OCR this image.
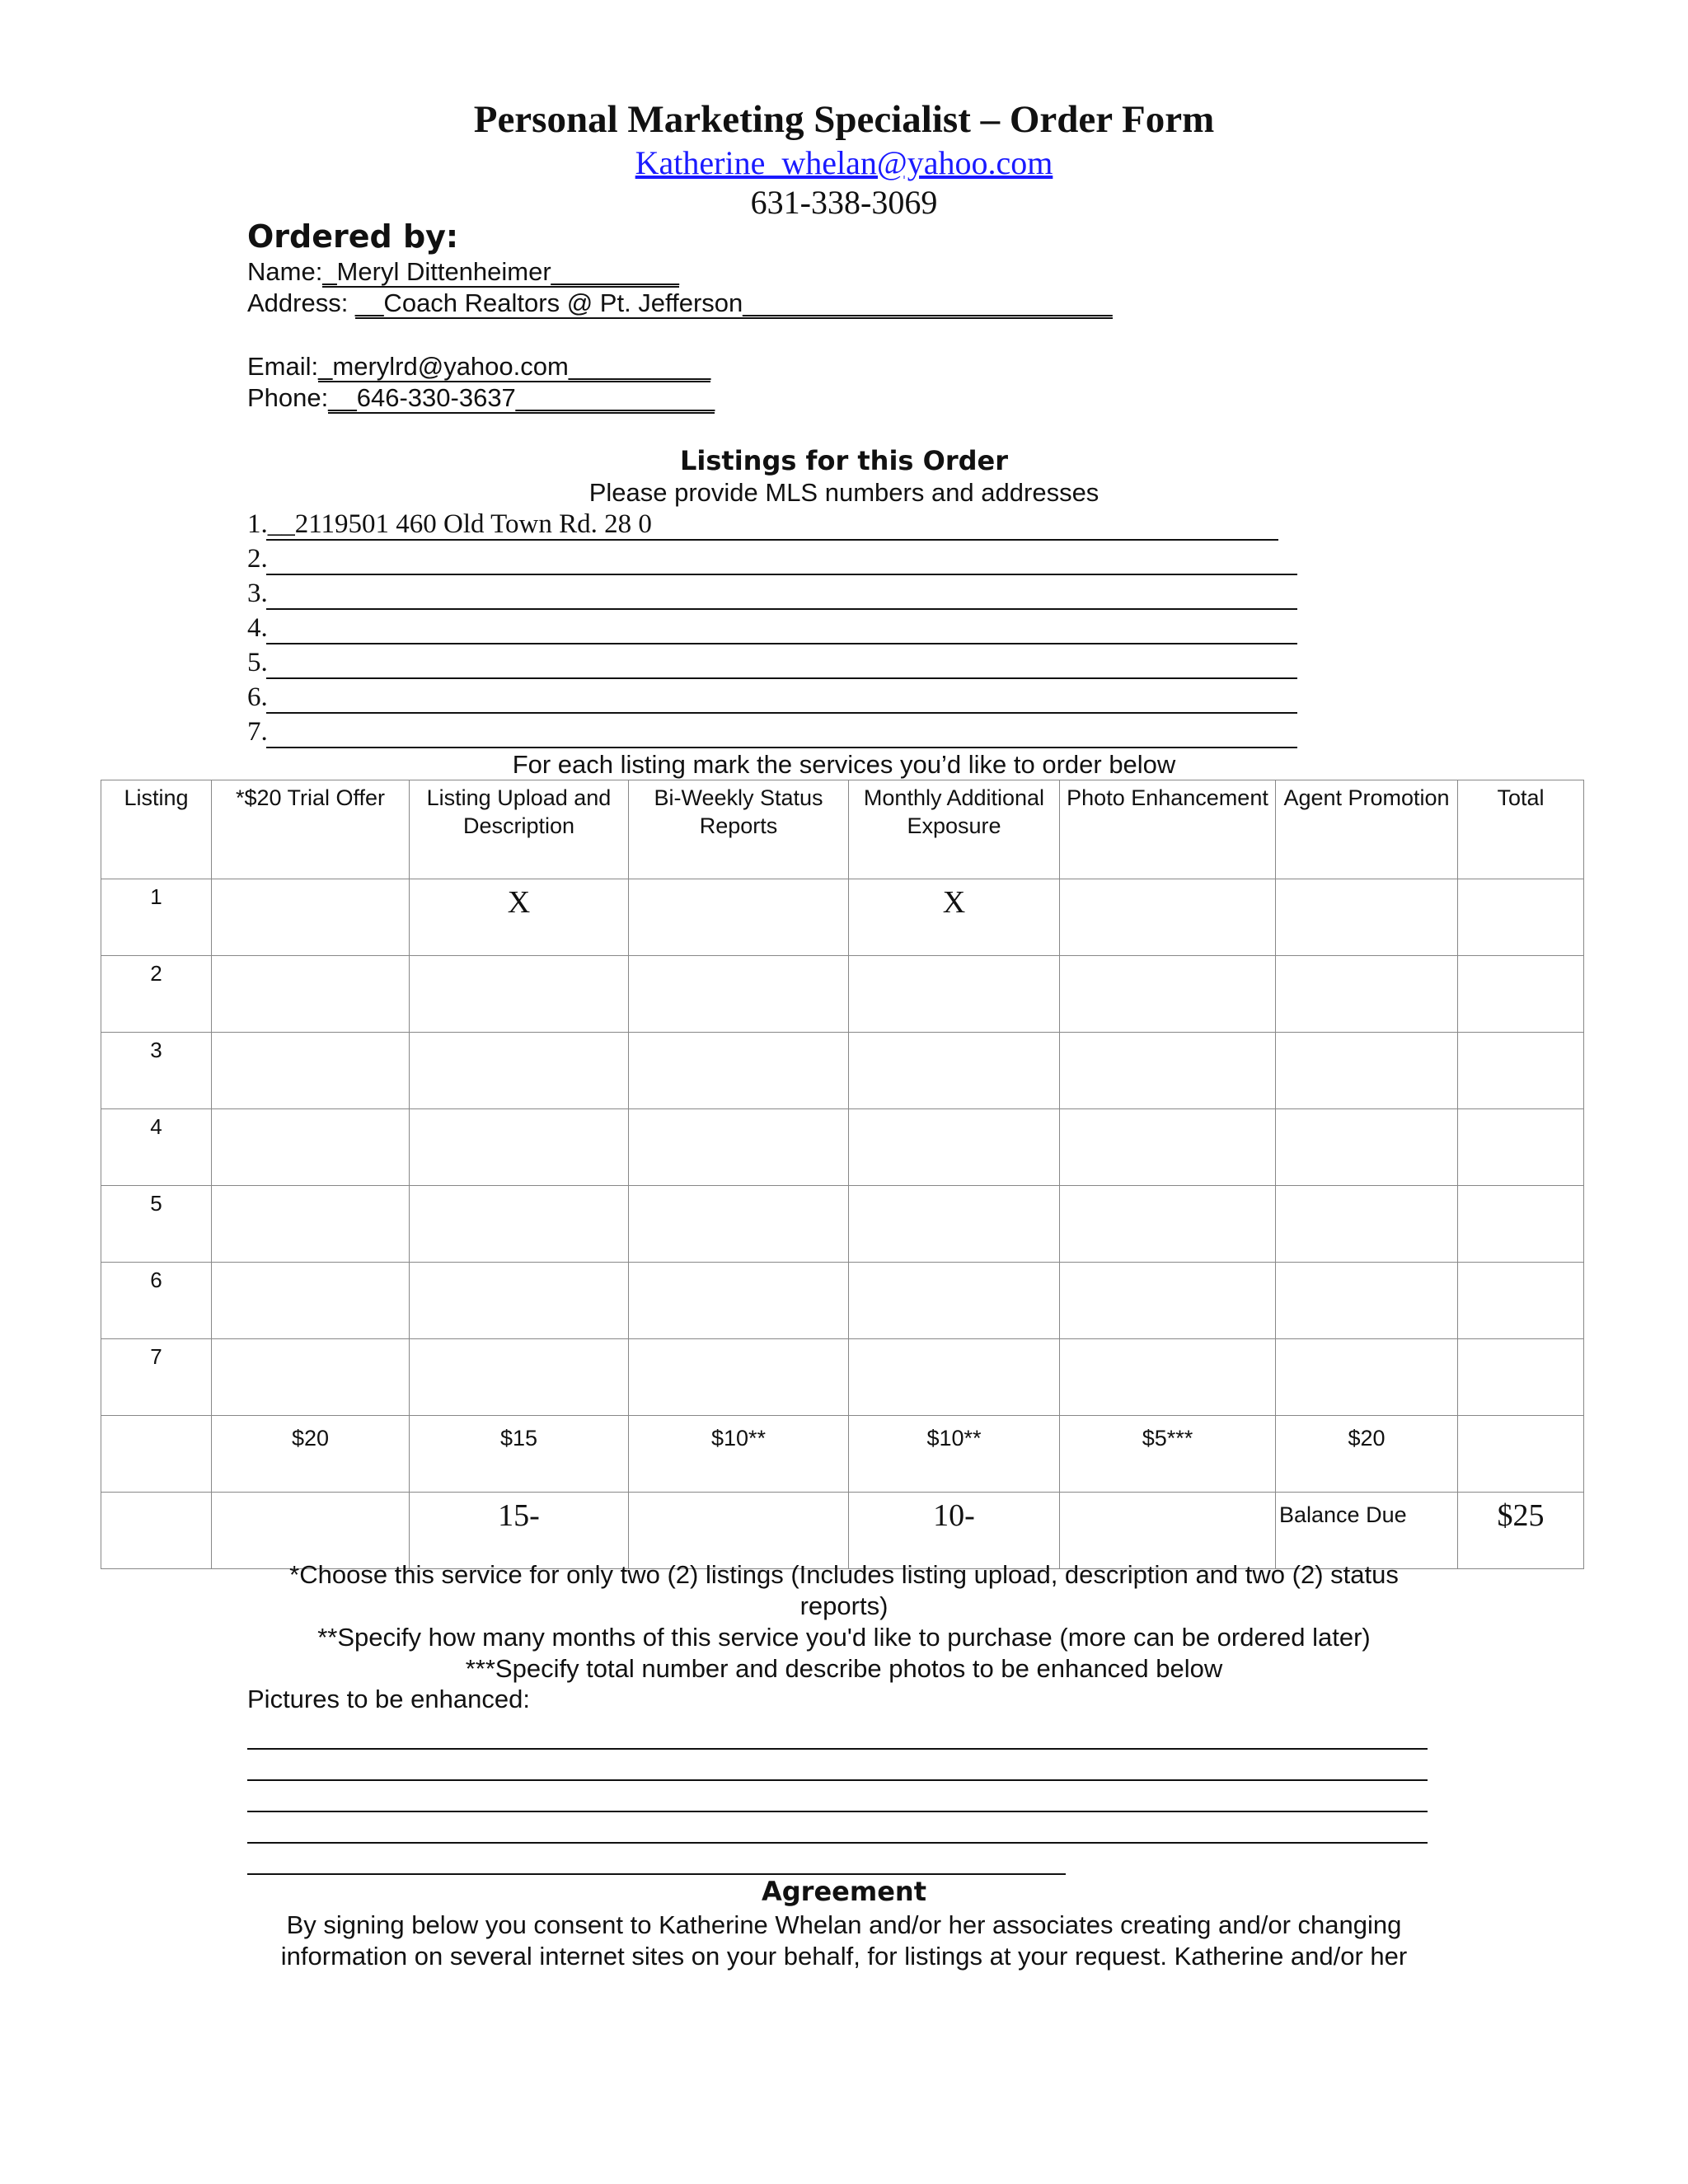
Personal Marketing Specialist – Order Form
Katherine_whelan@yahoo.com
631-338-3069
Ordered by:
Name:_Meryl Dittenheimer_________
Address: __Coach Realtors @ Pt. Jefferson__________________________
Email:_merylrd@yahoo.com__________
Phone:__646-330-3637______________
Listings for this Order
Please provide MLS numbers and addresses
1.__2119501 460 Old Town Rd. 28 0
2.
3.
4.
5.
6.
7.
For each listing mark the services you’d like to order below
Listing	*$20 Trial Offer	Listing Upload and Description	Bi-Weekly Status Reports	Monthly Additional Exposure	Photo Enhancement	Agent Promotion	Total

1		X		X			

2							

3							

4							

5							

6							

7							

	$20	$15	$10**	$10**	$5***	$20	

		15-		10-		Balance Due	$25
*Choose this service for only two (2) listings (Includes listing upload, description and two (2) status
reports)
**Specify how many months of this service you'd like to purchase (more can be ordered later)
***Specify total number and describe photos to be enhanced below
Pictures to be enhanced:
Agreement
By signing below you consent to Katherine Whelan and/or her associates creating and/or changing
information on several internet sites on your behalf, for listings at your request. Katherine and/or her
